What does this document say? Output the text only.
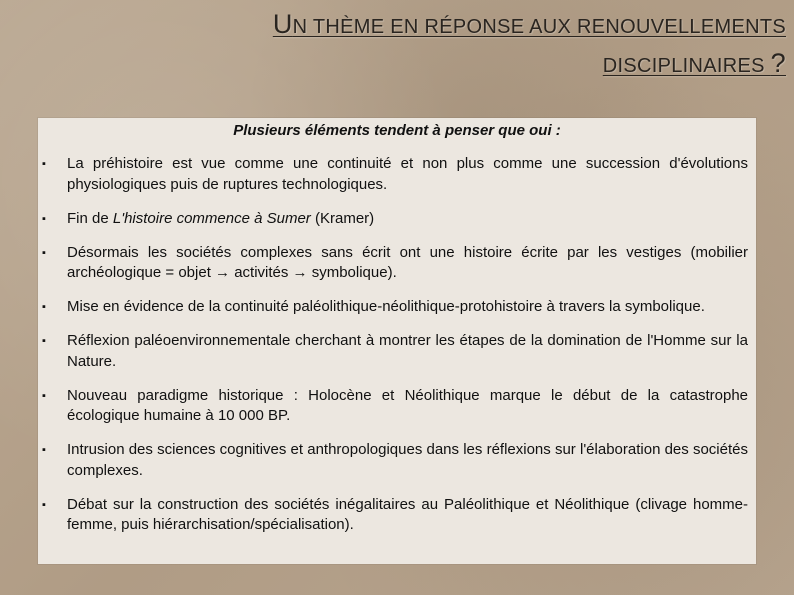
UN THÈME EN RÉPONSE AUX RENOUVELLEMENTS
DISCIPLINAIRES ?
Plusieurs éléments tendent à penser que oui :
▪ La préhistoire est vue comme une continuité et non plus comme une succession d'évolutions physiologiques puis de ruptures technologiques.
▪ Fin de L'histoire commence à Sumer (Kramer)
▪ Désormais les sociétés complexes sans écrit ont une histoire écrite par les vestiges (mobilier archéologique = objet → activités → symbolique).
▪ Mise en évidence de la continuité paléolithique-néolithique-protohistoire à travers la symbolique.
▪ Réflexion paléoenvironnementale cherchant à montrer les étapes de la domination de l'Homme sur la Nature.
▪ Nouveau paradigme historique : Holocène et Néolithique marque le début de la catastrophe écologique humaine à 10 000 BP.
▪ Intrusion des sciences cognitives et anthropologiques dans les réflexions sur l'élaboration des sociétés complexes.
▪ Débat sur la construction des sociétés inégalitaires au Paléolithique et Néolithique (clivage homme-femme, puis hiérarchisation/spécialisation).
